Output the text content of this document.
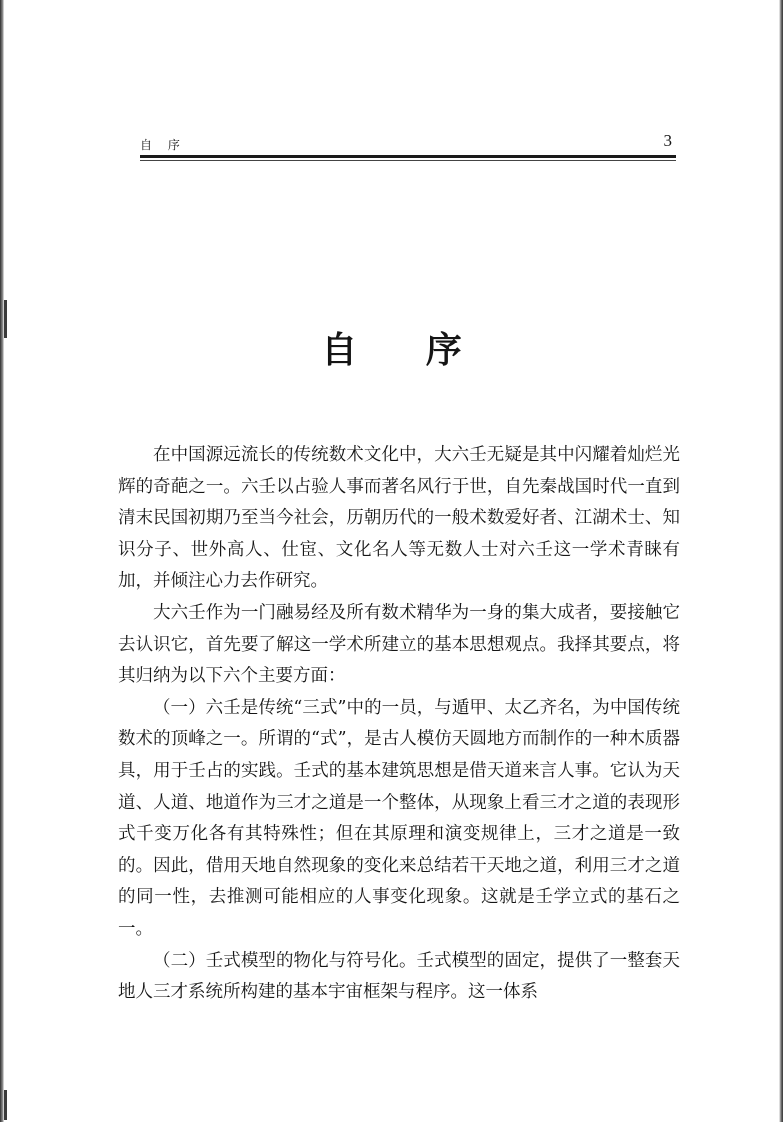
自 序	3
自 序

在中国源远流长的传统数术文化中，大六壬无疑是其中闪耀着灿烂光辉的奇葩之一。六壬以占验人事而著名风行于世，自先秦战国时代一直到清末民国初期乃至当今社会，历朝历代的一般术数爱好者、江湖术士、知识分子、世外高人、仕宦、文化名人等无数人士对六壬这一学术青睐有加，并倾注心力去作研究。

大六壬作为一门融易经及所有数术精华为一身的集大成者，要接触它去认识它，首先要了解这一学术所建立的基本思想观点。我择其要点，将其归纳为以下六个主要方面：

（一）六壬是传统“三式”中的一员，与遁甲、太乙齐名，为中国传统数术的顶峰之一。所谓的“式”，是古人模仿天圆地方而制作的一种木质器具，用于壬占的实践。壬式的基本建筑思想是借天道来言人事。它认为天道、人道、地道作为三才之道是一个整体，从现象上看三才之道的表现形式千变万化各有其特殊性；但在其原理和演变规律上，三才之道是一致的。因此，借用天地自然现象的变化来总结若干天地之道，利用三才之道的同一性，去推测可能相应的人事变化现象。这就是壬学立式的基石之一。

（二）壬式模型的物化与符号化。壬式模型的固定，提供了一整套天地人三才系统所构建的基本宇宙框架与程序。这一体系
